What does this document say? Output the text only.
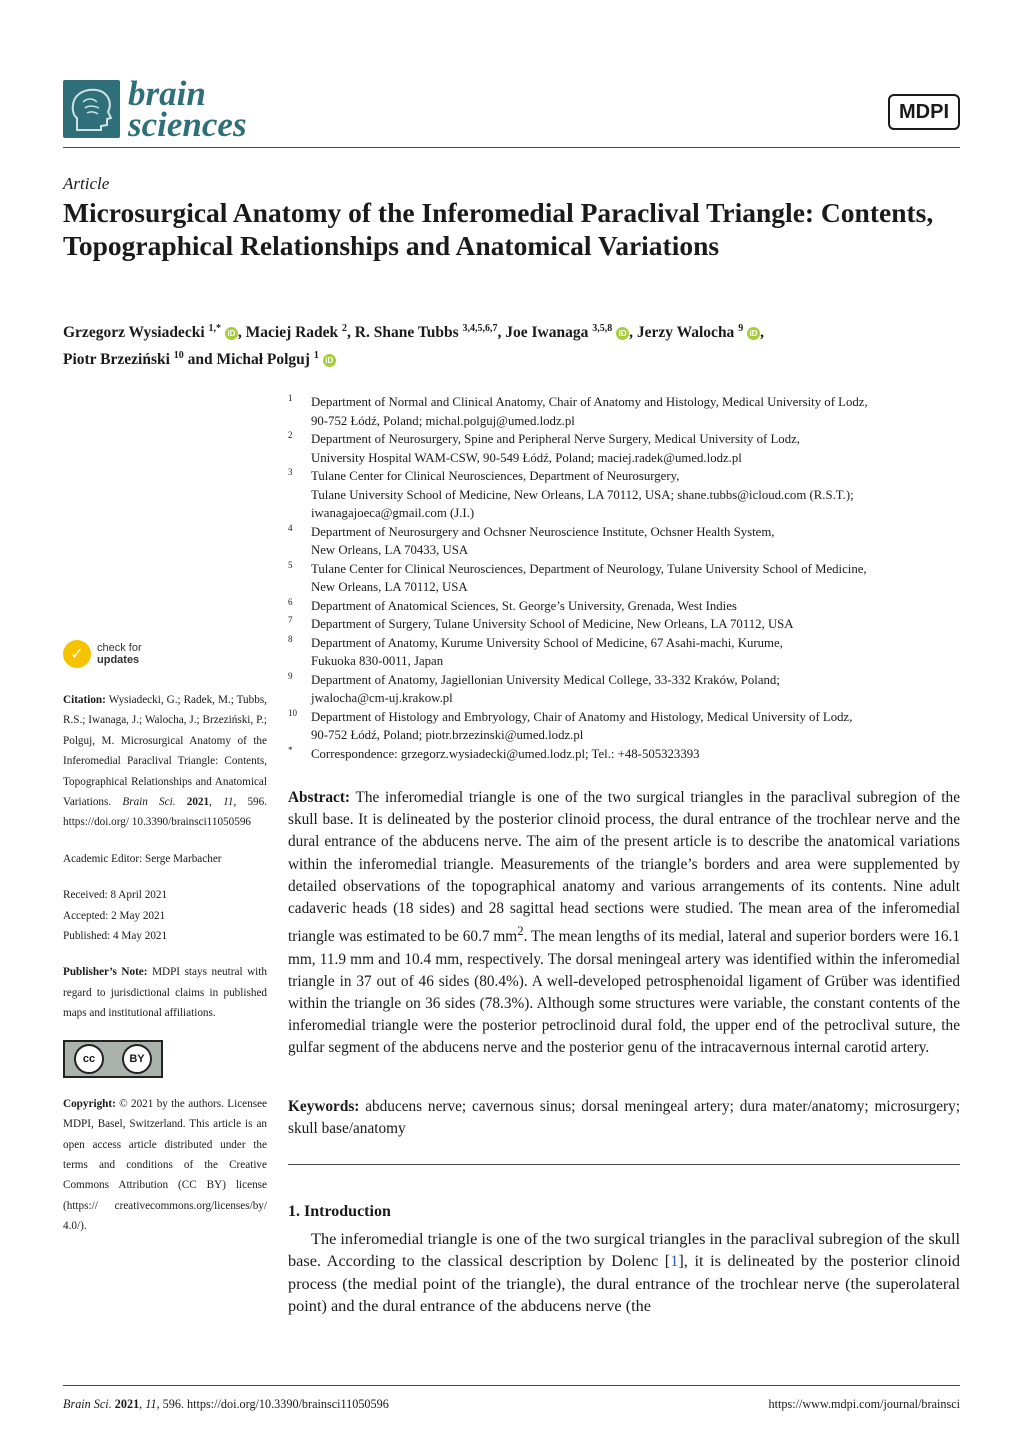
brain
sciences	MDPI
Article
Microsurgical Anatomy of the Inferomedial Paraclival Triangle: Contents, Topographical Relationships and Anatomical Variations
Grzegorz Wysiadecki $^{1,*}$ iD , Maciej Radek $^2$, R. Shane Tubbs $^{3,4,5,6,7}$, Joe Iwanaga $^{3,5,8}$ iD , Jerzy Walocha $^9$ iD ,
Piotr Brzeziński $^{10}$ and Michał Polguj $^1$ iD
1 Department of Normal and Clinical Anatomy, Chair of Anatomy and Histology, Medical University of Lodz,
90-752 Łódź, Poland; michal.polguj@umed.lodz.pl
2 Department of Neurosurgery, Spine and Peripheral Nerve Surgery, Medical University of Lodz,
University Hospital WAM-CSW, 90-549 Łódź, Poland; maciej.radek@umed.lodz.pl
3 Tulane Center for Clinical Neurosciences, Department of Neurosurgery,
Tulane University School of Medicine, New Orleans, LA 70112, USA; shane.tubbs@icloud.com (R.S.T.);
iwanagajoeca@gmail.com (J.I.)
4 Department of Neurosurgery and Ochsner Neuroscience Institute, Ochsner Health System,
New Orleans, LA 70433, USA
5 Tulane Center for Clinical Neurosciences, Department of Neurology, Tulane University School of Medicine,
New Orleans, LA 70112, USA
6 Department of Anatomical Sciences, St. George’s University, Grenada, West Indies
7 Department of Surgery, Tulane University School of Medicine, New Orleans, LA 70112, USA
8 Department of Anatomy, Kurume University School of Medicine, 67 Asahi-machi, Kurume,
Fukuoka 830-0011, Japan
9 Department of Anatomy, Jagiellonian University Medical College, 33-332 Kraków, Poland;
jwalocha@cm-uj.krakow.pl
10 Department of Histology and Embryology, Chair of Anatomy and Histology, Medical University of Lodz,
90-752 Łódź, Poland; piotr.brzezinski@umed.lodz.pl
* Correspondence: grzegorz.wysiadecki@umed.lodz.pl; Tel.: +48-505323393
✓	check for
updates
Citation: Wysiadecki, G.; Radek, M.; Tubbs, R.S.; Iwanaga, J.; Walocha, J.; Brzeziński, P.; Polguj, M. Microsurgical Anatomy of the Inferomedial Paraclival Triangle: Contents, Topographical Relationships and Anatomical Variations. Brain Sci. 2021, 11, 596. https://doi.org/ 10.3390/brainsci11050596
Academic Editor: Serge Marbacher
Received: 8 April 2021
Accepted: 2 May 2021
Published: 4 May 2021
Publisher’s Note: MDPI stays neutral with regard to jurisdictional claims in published maps and institutional affiliations.
cc	BY
Copyright: © 2021 by the authors. Licensee MDPI, Basel, Switzerland. This article is an open access article distributed under the terms and conditions of the Creative Commons Attribution (CC BY) license (https:// creativecommons.org/licenses/by/ 4.0/).
Abstract: The inferomedial triangle is one of the two surgical triangles in the paraclival subregion of the skull base. It is delineated by the posterior clinoid process, the dural entrance of the trochlear nerve and the dural entrance of the abducens nerve. The aim of the present article is to describe the anatomical variations within the inferomedial triangle. Measurements of the triangle’s borders and area were supplemented by detailed observations of the topographical anatomy and various arrangements of its contents. Nine adult cadaveric heads (18 sides) and 28 sagittal head sections were studied. The mean area of the inferomedial triangle was estimated to be 60.7 $mm^2$. The mean lengths of its medial, lateral and superior borders were 16.1 mm, 11.9 mm and 10.4 mm, respectively. The dorsal meningeal artery was identified within the inferomedial triangle in 37 out of 46 sides (80.4%). A well-developed petrosphenoidal ligament of Grüber was identified within the triangle on 36 sides (78.3%). Although some structures were variable, the constant contents of the inferomedial triangle were the posterior petroclinoid dural fold, the upper end of the petroclival suture, the gulfar segment of the abducens nerve and the posterior genu of the intracavernous internal carotid artery.
Keywords: abducens nerve; cavernous sinus; dorsal meningeal artery; dura mater/anatomy; microsurgery; skull base/anatomy
1. Introduction
The inferomedial triangle is one of the two surgical triangles in the paraclival subregion of the skull base. According to the classical description by Dolenc [1], it is delineated by the posterior clinoid process (the medial point of the triangle), the dural entrance of the trochlear nerve (the superolateral point) and the dural entrance of the abducens nerve (the
Brain Sci. 2021, 11, 596. https://doi.org/10.3390/brainsci11050596	https://www.mdpi.com/journal/brainsci
